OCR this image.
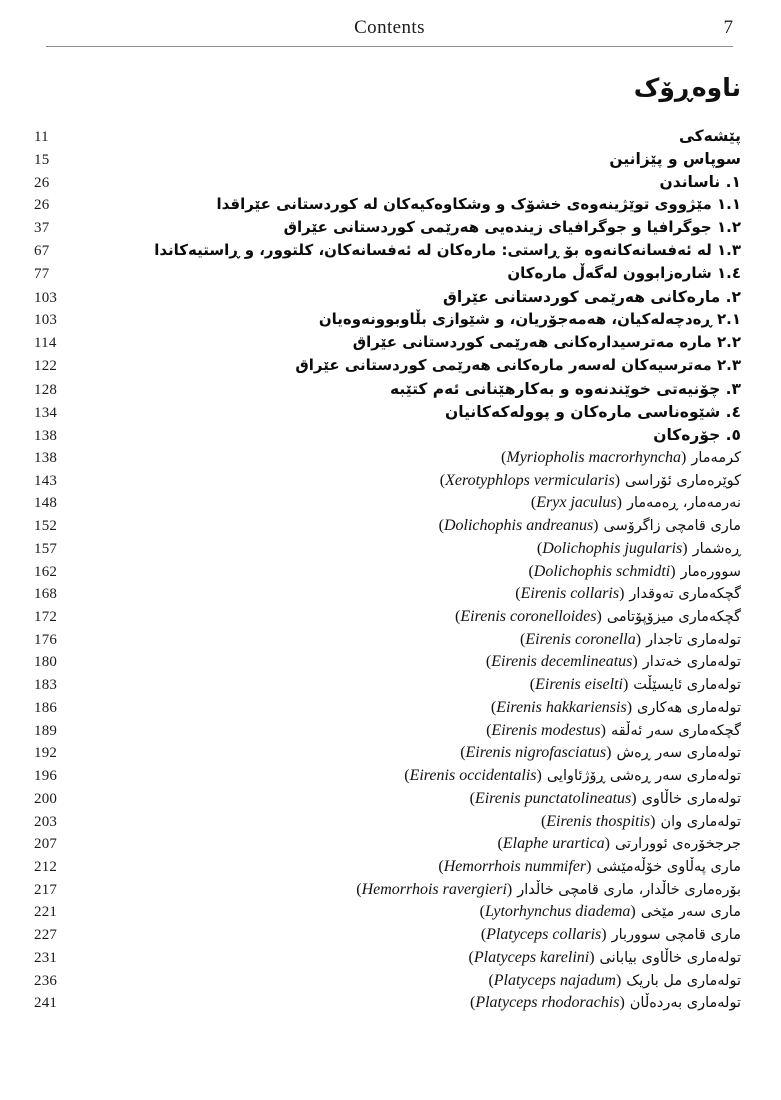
Contents	7
ناوەڕۆک
11	پێشەکی
15	سوپاس و پێزانین
26	١. ناساندن
26	١.١ مێژووی توێژینەوەی خشۆک و وشکاوەکیەکان لە کوردستانی عێراقدا
37	١.٢ جوگرافیا و جوگرافیای زیندەیی هەرێمی کوردستانی عێراق
67	١.٣ لە ئەفسانەکانەوە بۆ ڕاستی: مارەکان لە ئەفسانەکان، کلتوور، و ڕاستیەکاندا
77	١.٤ شارەزابوون لەگەڵ مارەکان
103	٢. مارەکانی هەرێمی کوردستانی عێراق
103	٢.١ ڕەدچەلەکیان، هەمەجۆریان، و شێوازی بڵاوبوونەوەیان
114	٢.٢ مارە مەترسیدارەکانی هەرێمی کوردستانی عێراق
122	٢.٣ مەترسیەکان لەسەر مارەکانی هەرێمی کوردستانی عێراق
128	٣. چۆنیەتی خوێندنەوە و بەکارهێنانی ئەم کتێبە
134	٤. شێوەناسی مارەکان و پوولەکەکانیان
138	٥. جۆرەکان
138	کرمەمار(Myriopholis macrorhyncha)
143	کوێرەماری ئۆراسی(Xerotyphlops vermicularis)
148	نەرمەمار، ڕەمەمار(Eryx jaculus)
152	ماری قامچی زاگرۆسی(Dolichophis andreanus)
157	ڕەشمار(Dolichophis jugularis)
162	سوورەمار(Dolichophis schmidti)
168	گچکەماری تەوقدار(Eirenis collaris)
172	گچکەماری میزۆپۆتامی(Eirenis coronelloides)
176	تولەماری تاجدار(Eirenis coronella)
180	تولەماری خەتدار(Eirenis decemlineatus)
183	تولەماری ئایسێڵت(Eirenis eiselti)
186	تولەماری هەکاری(Eirenis hakkariensis)
189	گچکەماری سەر ئەڵقە(Eirenis modestus)
192	تولەماری سەر ڕەش(Eirenis nigrofasciatus)
196	تولەماری سەر ڕەشی ڕۆژئاوایی(Eirenis occidentalis)
200	تولەماری خاڵاوی(Eirenis punctatolineatus)
203	تولەماری وان(Eirenis thospitis)
207	جرجخۆرەی ئوورارتی(Elaphe urartica)
212	ماری پەڵاوی خۆڵەمێشی(Hemorrhois nummifer)
217	بۆرەماری خاڵدار، ماری قامچی خاڵدار(Hemorrhois ravergieri)
221	ماری سەر مێخی(Lytorhynchus diadema)
227	ماری قامچی سووربار(Platyceps collaris)
231	تولەماری خاڵاوی بیابانی(Platyceps karelini)
236	تولەماری مل باریک(Platyceps najadum)
241	تولەماری بەردەڵان(Platyceps rhodorachis)
